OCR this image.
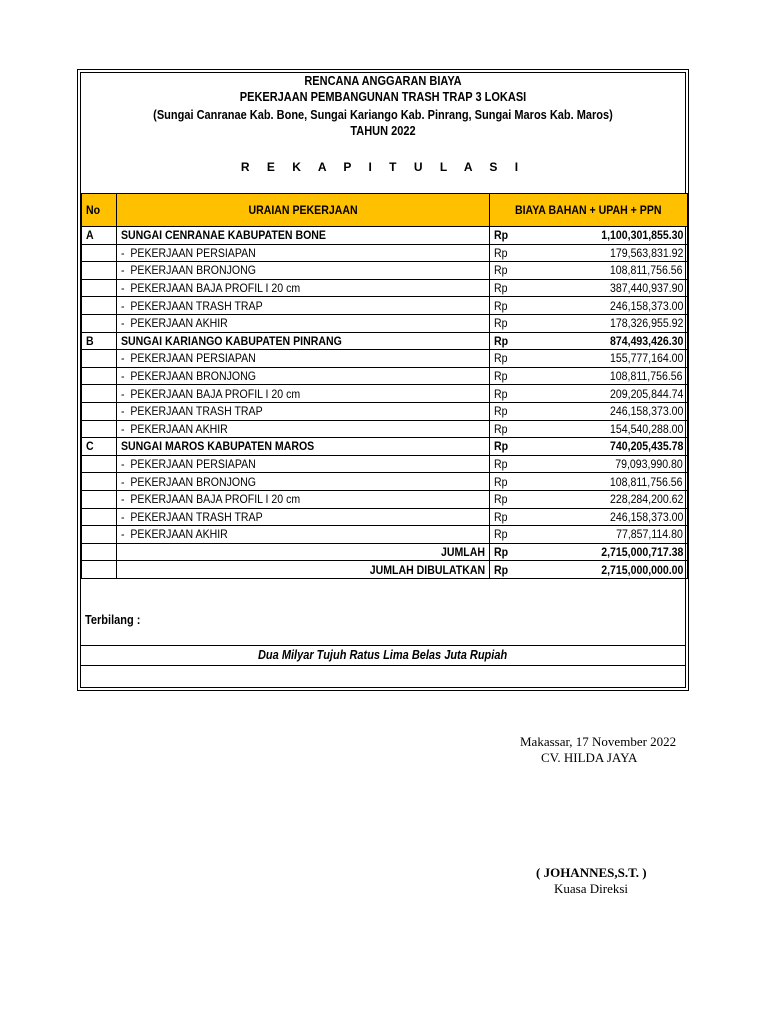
RENCANA ANGGARAN BIAYA
PEKERJAAN PEMBANGUNAN TRASH TRAP 3 LOKASI
(Sungai Canranae Kab. Bone, Sungai Kariango Kab. Pinrang, Sungai Maros Kab. Maros)
TAHUN 2022
R E K A P I T U L A S I
No	URAIAN PEKERJAAN	BIAYA BAHAN + UPAH + PPN	
A	SUNGAI CENRANAE KABUPATEN BONE	Rp	1,100,301,855.30
	-  PEKERJAAN PERSIAPAN	Rp	179,563,831.92
	-  PEKERJAAN BRONJONG	Rp	108,811,756.56
	-  PEKERJAAN BAJA PROFIL I 20 cm	Rp	387,440,937.90
	-  PEKERJAAN TRASH TRAP	Rp	246,158,373.00
	-  PEKERJAAN AKHIR	Rp	178,326,955.92
B	SUNGAI KARIANGO KABUPATEN PINRANG	Rp	874,493,426.30
	-  PEKERJAAN PERSIAPAN	Rp	155,777,164.00
	-  PEKERJAAN BRONJONG	Rp	108,811,756.56
	-  PEKERJAAN BAJA PROFIL I 20 cm	Rp	209,205,844.74
	-  PEKERJAAN TRASH TRAP	Rp	246,158,373.00
	-  PEKERJAAN AKHIR	Rp	154,540,288.00
C	SUNGAI MAROS KABUPATEN MAROS	Rp	740,205,435.78
	-  PEKERJAAN PERSIAPAN	Rp	79,093,990.80
	-  PEKERJAAN BRONJONG	Rp	108,811,756.56
	-  PEKERJAAN BAJA PROFIL I 20 cm	Rp	228,284,200.62
	-  PEKERJAAN TRASH TRAP	Rp	246,158,373.00
	-  PEKERJAAN AKHIR	Rp	77,857,114.80
	JUMLAH	Rp	2,715,000,717.38
	JUMLAH DIBULATKAN	Rp	2,715,000,000.00
Terbilang :
Dua Milyar Tujuh Ratus Lima Belas Juta Rupiah
Makassar, 17 November 2022
CV. HILDA JAYA
( JOHANNES,S.T. )
Kuasa Direksi
